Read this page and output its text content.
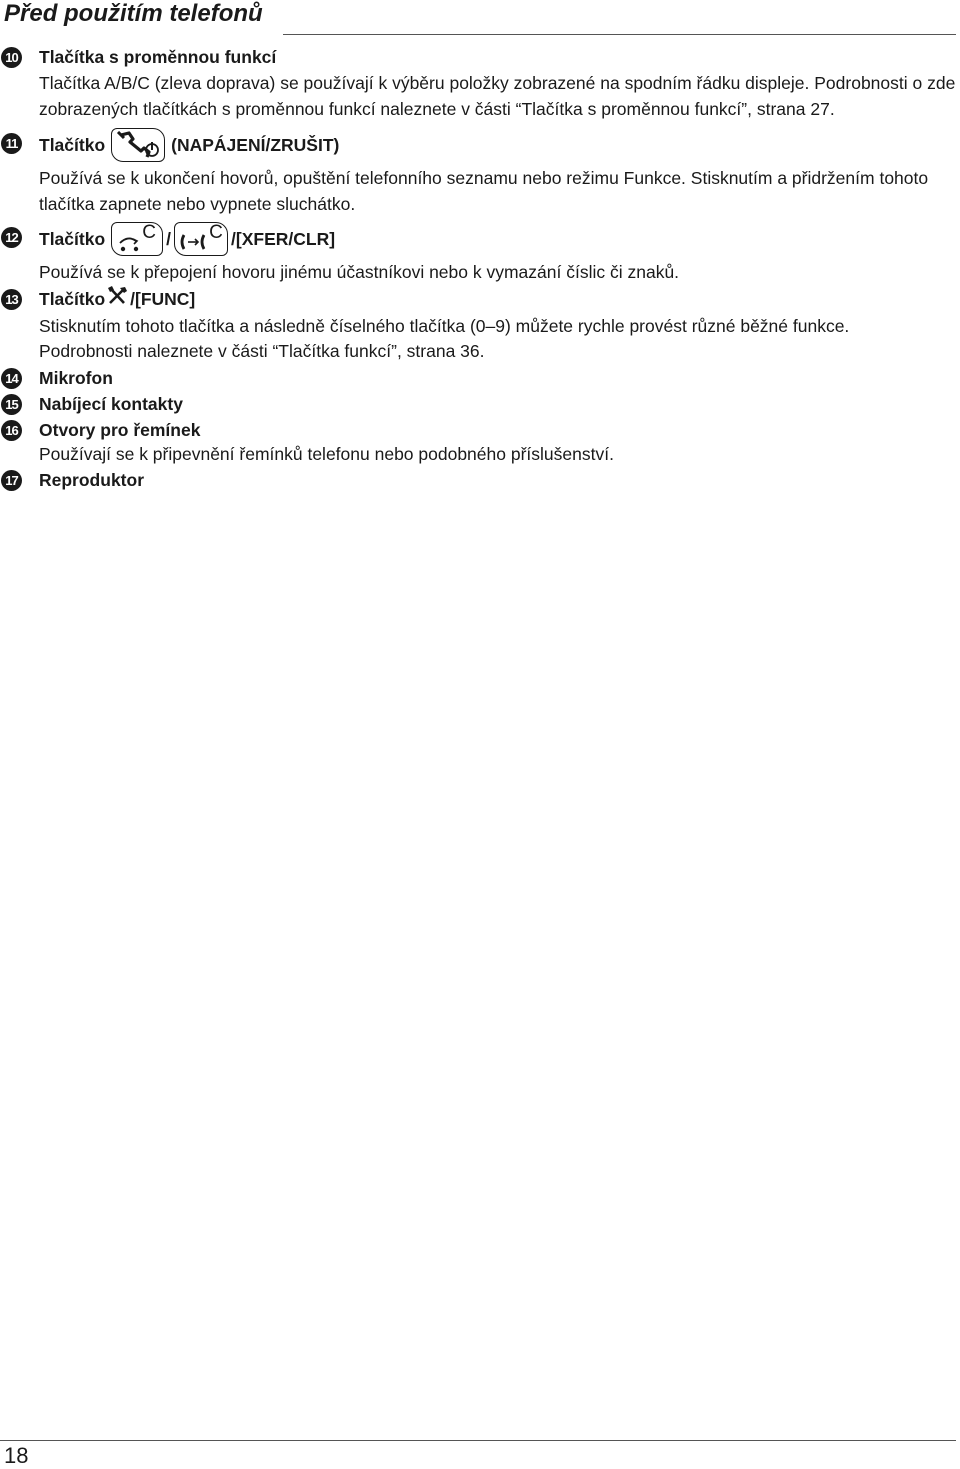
Před použitím telefonů
10 Tlačítka s proměnnou funkcí
Tlačítka A/B/C (zleva doprava) se používají k výběru položky zobrazené na spodním řádku displeje. Podrobnosti o zde zobrazených tlačítkách s proměnnou funkcí naleznete v části “Tlačítka s proměnnou funkcí”, strana 27.
11 Tlačítko	(NAPÁJENÍ/ZRUŠIT)
Používá se k ukončení hovorů, opuštění telefonního seznamu nebo režimu Funkce. Stisknutím a přidržením tohoto tlačítka zapnete nebo vypnete sluchátko.
12 Tlačítko C / C /[XFER/CLR]
Používá se k přepojení hovoru jinému účastníkovi nebo k vymazání číslic či znaků.
13 Tlačítko /[FUNC]
Stisknutím tohoto tlačítka a následně číselného tlačítka (0–9) můžete rychle provést různé běžné funkce.
Podrobnosti naleznete v části “Tlačítka funkcí”, strana 36.
14 Mikrofon
15 Nabíjecí kontakty
16 Otvory pro řemínek
Používají se k připevnění řemínků telefonu nebo podobného příslušenství.
17 Reproduktor
18
